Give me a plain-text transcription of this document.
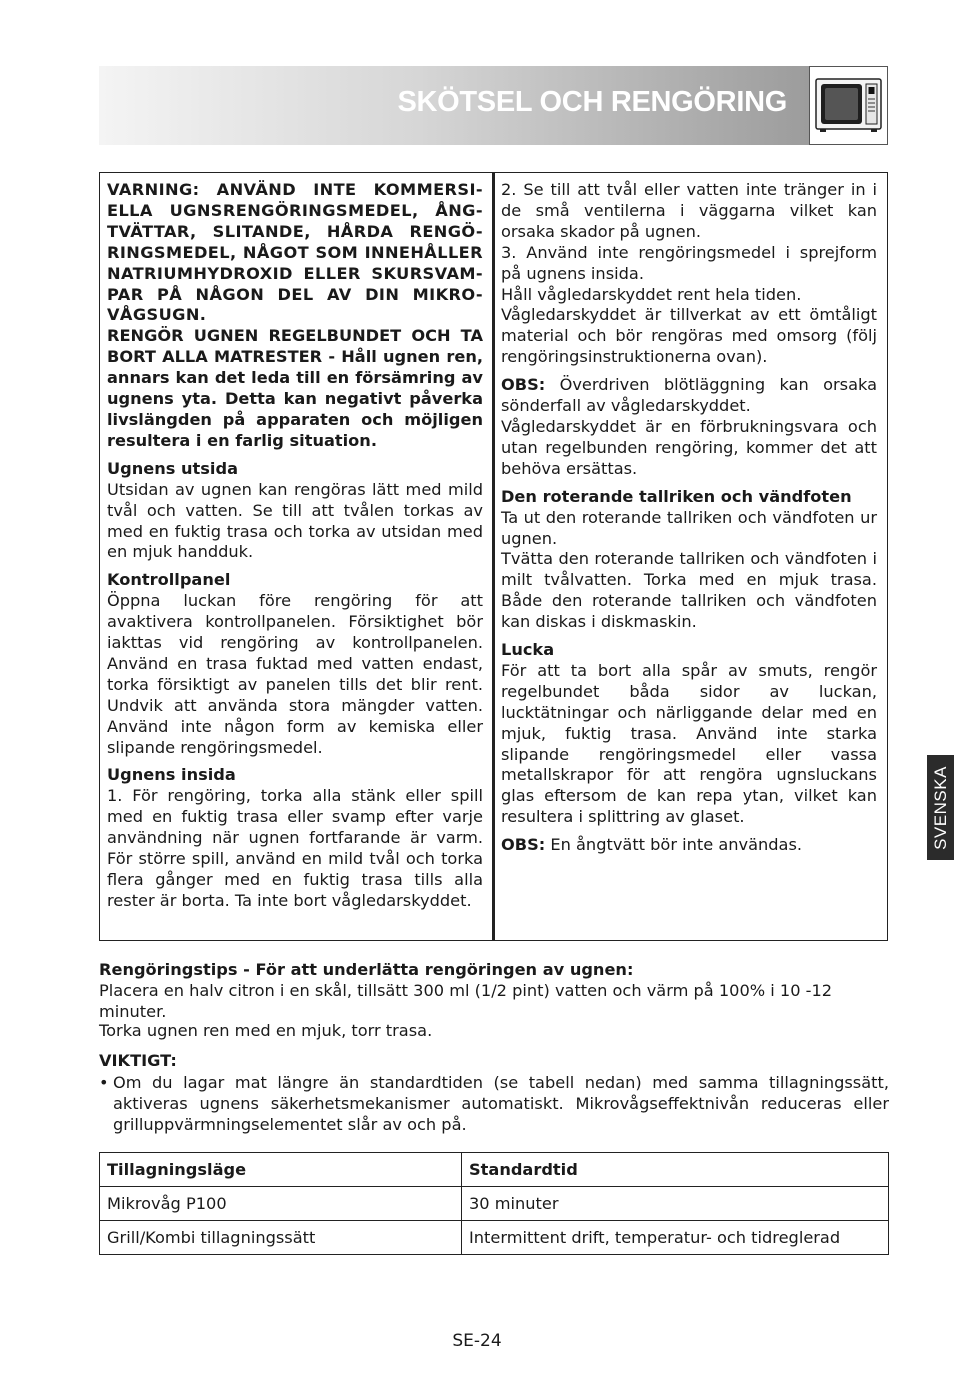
SKÖTSEL OCH RENGÖRING

VARNING: ANVÄND INTE KOMMERSI- ELLA UGNSRENGÖRINGSMEDEL, ÅNG- TVÄTTAR, SLITANDE, HÅRDA RENGÖ- RINGSMEDEL, NÅGOT SOM INNEHÅLLER NATRIUMHYDROXID ELLER SKURSVAM- PAR PÅ NÅGON DEL AV DIN MIKRO- VÅGSUGN.

RENGÖR UGNEN REGELBUNDET OCH TA BORT ALLA MATRESTER - Håll ugnen ren, annars kan det leda till en försämring av ugnens yta. Detta kan negativt påverka livslängden på apparaten och möjligen resultera i en farlig situation.

Ugnens utsida

Utsidan av ugnen kan rengöras lätt med mild tvål och vatten. Se till att tvålen torkas av med en fuktig trasa och torka av utsidan med en mjuk handduk.

Kontrollpanel

Öppna luckan före rengöring för att avaktivera kontrollpanelen. Försiktighet bör iakttas vid rengöring av kontrollpanelen. Använd en trasa fuktad med vatten endast, torka försiktigt av panelen tills det blir rent. Undvik att använda stora mängder vatten. Använd inte någon form av kemiska eller slipande rengöringsmedel.

Ugnens insida

1. För rengöring, torka alla stänk eller spill med en fuktig trasa eller svamp efter varje användning när ugnen fortfarande är varm. För större spill, använd en mild tvål och torka flera gånger med en fuktig trasa tills alla rester är borta. Ta inte bort vågledarskyddet.

2. Se till att tvål eller vatten inte tränger in i de små ventilerna i väggarna vilket kan orsaka skador på ugnen.

3. Använd inte rengöringsmedel i sprejform på ugnens insida.

Håll vågledarskyddet rent hela tiden.

Vågledarskyddet är tillverkat av ett ömtåligt material och bör rengöras med omsorg (följ rengöringsinstruktionerna ovan).

OBS: Överdriven blötläggning kan orsaka sönderfall av vågledarskyddet.

Vågledarskyddet är en förbrukningsvara och utan regelbunden rengöring, kommer det att behöva ersättas.

Den roterande tallriken och vändfoten

Ta ut den roterande tallriken och vändfoten ur ugnen.

Tvätta den roterande tallriken och vändfoten i milt tvålvatten. Torka med en mjuk trasa. Både den roterande tallriken och vändfoten kan diskas i diskmaskin.

Lucka

För att ta bort alla spår av smuts, rengör regelbundet båda sidor av luckan, lucktätningar och närliggande delar med en mjuk, fuktig trasa. Använd inte starka slipande rengöringsmedel eller vassa metallskrapor för att rengöra ugnsluckans glas eftersom de kan repa ytan, vilket kan resultera i splittring av glaset.

OBS: En ångtvätt bör inte användas.

Rengöringstips - För att underlätta rengöringen av ugnen:
Placera en halv citron i en skål, tillsätt 300 ml (1/2 pint) vatten och värm på 100% i 10 -12 minuter.
Torka ugnen ren med en mjuk, torr trasa.
VIKTIGT:
• Om du lagar mat längre än standardtiden (se tabell nedan) med samma tillagningssätt, aktiveras ugnens säkerhetsmekanismer automatiskt. Mikrovågseffektnivån reduceras eller grilluppvärmningselementet slår av och på.
Tillagningsläge	Standardtid
Mikrovåg P100	30 minuter
Grill/Kombi tillagningssätt	Intermittent drift, temperatur- och tidreglerad
SVENSKA
SE-24
